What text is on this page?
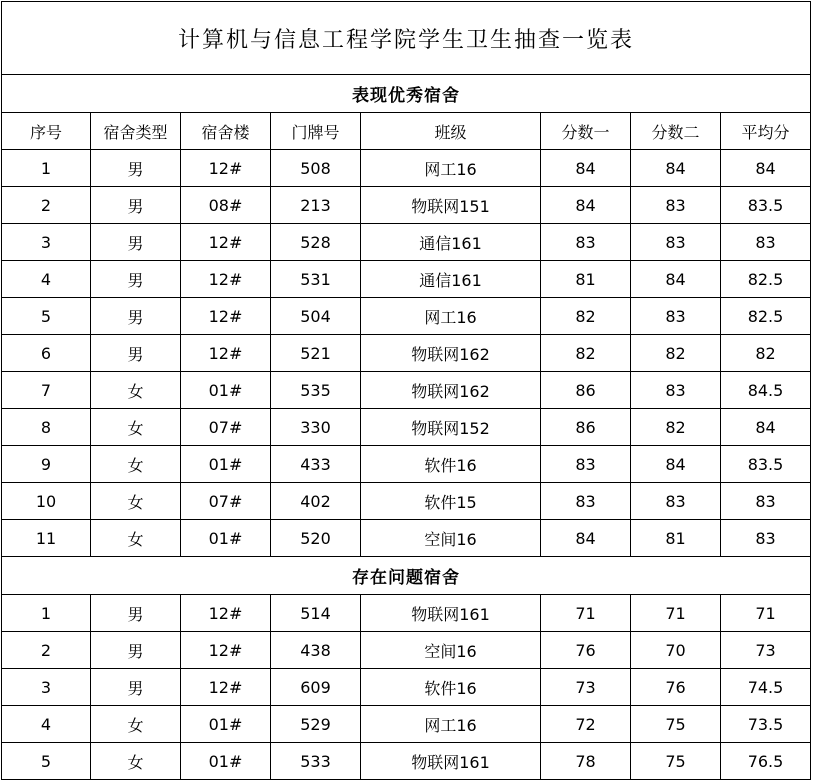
计算机与信息工程学院学生卫生抽查一览表							
表现优秀宿舍							
序号	宿舍类型	宿舍楼	门牌号	班级	分数一	分数二	平均分
1	男	12#	508	网工16	84	84	84
2	男	08#	213	物联网151	84	83	83.5
3	男	12#	528	通信161	83	83	83
4	男	12#	531	通信161	81	84	82.5
5	男	12#	504	网工16	82	83	82.5
6	男	12#	521	物联网162	82	82	82
7	女	01#	535	物联网162	86	83	84.5
8	女	07#	330	物联网152	86	82	84
9	女	01#	433	软件16	83	84	83.5
10	女	07#	402	软件15	83	83	83
11	女	01#	520	空间16	84	81	83
存在问题宿舍							
1	男	12#	514	物联网161	71	71	71
2	男	12#	438	空间16	76	70	73
3	男	12#	609	软件16	73	76	74.5
4	女	01#	529	网工16	72	75	73.5
5	女	01#	533	物联网161	78	75	76.5
